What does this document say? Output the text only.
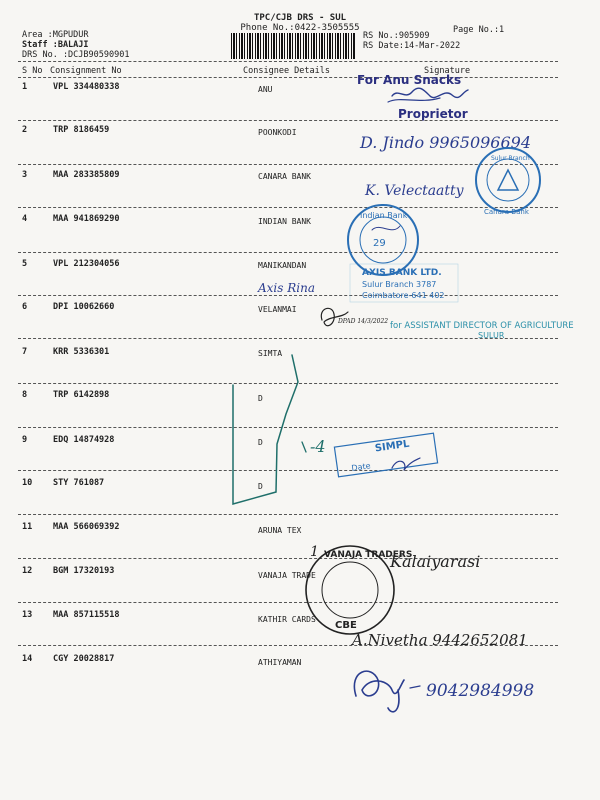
TPC/CJB DRS - SUL
Phone No.:0422-3505555
Area :MGPUDUR
Staff :BALAJI
DRS No. :DCJB90590901
RS No.:905909
RS Date:14-Mar-2022
Page No.:1
S No Consignment No	Consignee Details	Signature
1	VPL 334480338	ANU
2	TRP 8186459	POONKODI
3	MAA 283385809	CANARA BANK
4	MAA 941869290	INDIAN BANK
5	VPL 212304056	MANIKANDAN
6	DPI 10062660	VELANMAI
7	KRR 5336301	SIMTA
8	TRP 6142898	D
9	EDQ 14874928	D
10 STY 761087	D
11 MAA 566069392	ARUNA TEX
12 BGM 17320193	VANAJA TRADE
13 MAA 857115518	KATHIR CARDS
14 CGY 20028817	ATHIYAMAN
For Anu Snacks
Proprietor
D. Jindo 9965096694
Canara Bank
Sulur Branch
K. Velectaatty
Indian Bank
29
AXIS BANK LTD.
Sulur Branch 3787
Coimbatore-641 402
Axis Rina
DPAD 14/3/2022 for ASSISTANT DIRECTOR OF AGRICULTURE
SULUR
-4	SIMPL
Date
VANAJA TRADERS
CBE
1	Kalaiyarasi
A.Nivetha 9442652081
9042984998
